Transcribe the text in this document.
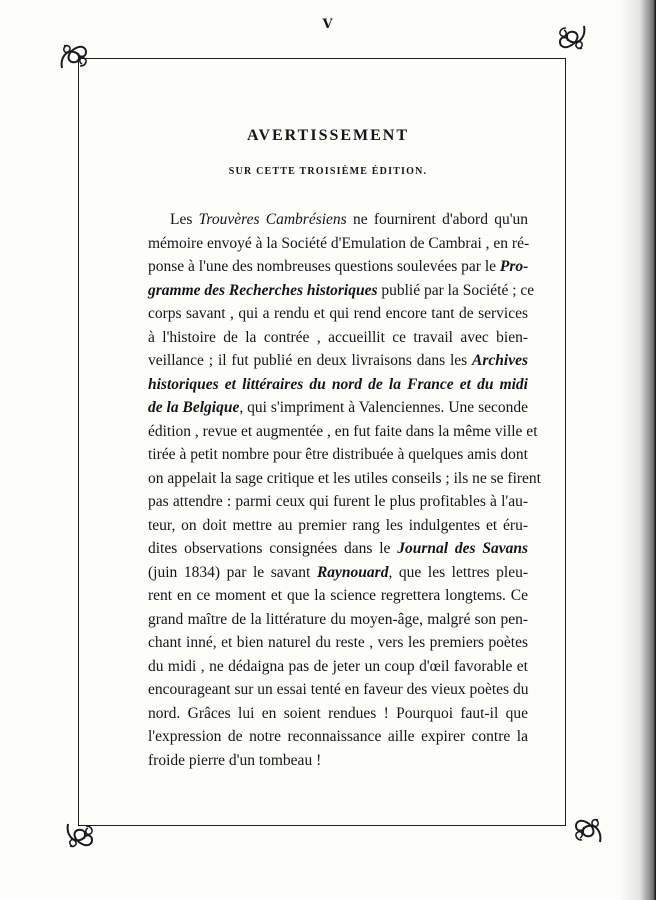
V
AVERTISSEMENT
SUR CETTE TROISIÈME ÉDITION.
Les Trouvères Cambrésiens ne fournirent d'abord qu'un
mémoire envoyé à la Société d'Emulation de Cambrai , en ré-
ponse à l'une des nombreuses questions soulevées par le Pro-
gramme des Recherches historiques publié par la Société ; ce
corps savant , qui a rendu et qui rend encore tant de services
à l'histoire de la contrée , accueillit ce travail avec bien-
veillance ; il fut publié en deux livraisons dans les Archives
historiques et littéraires du nord de la France et du midi
de la Belgique, qui s'impriment à Valenciennes. Une seconde
édition , revue et augmentée , en fut faite dans la même ville et
tirée à petit nombre pour être distribuée à quelques amis dont
on appelait la sage critique et les utiles conseils ; ils ne se firent
pas attendre : parmi ceux qui furent le plus profitables à l'au-
teur, on doit mettre au premier rang les indulgentes et éru-
dites observations consignées dans le Journal des Savans
(juin 1834) par le savant Raynouard, que les lettres pleu-
rent en ce moment et que la science regrettera longtems. Ce
grand maître de la littérature du moyen-âge, malgré son pen-
chant inné, et bien naturel du reste , vers les premiers poètes
du midi , ne dédaigna pas de jeter un coup d'œil favorable et
encourageant sur un essai tenté en faveur des vieux poètes du
nord. Grâces lui en soient rendues ! Pourquoi faut-il que
l'expression de notre reconnaissance aille expirer contre la
froide pierre d'un tombeau !
